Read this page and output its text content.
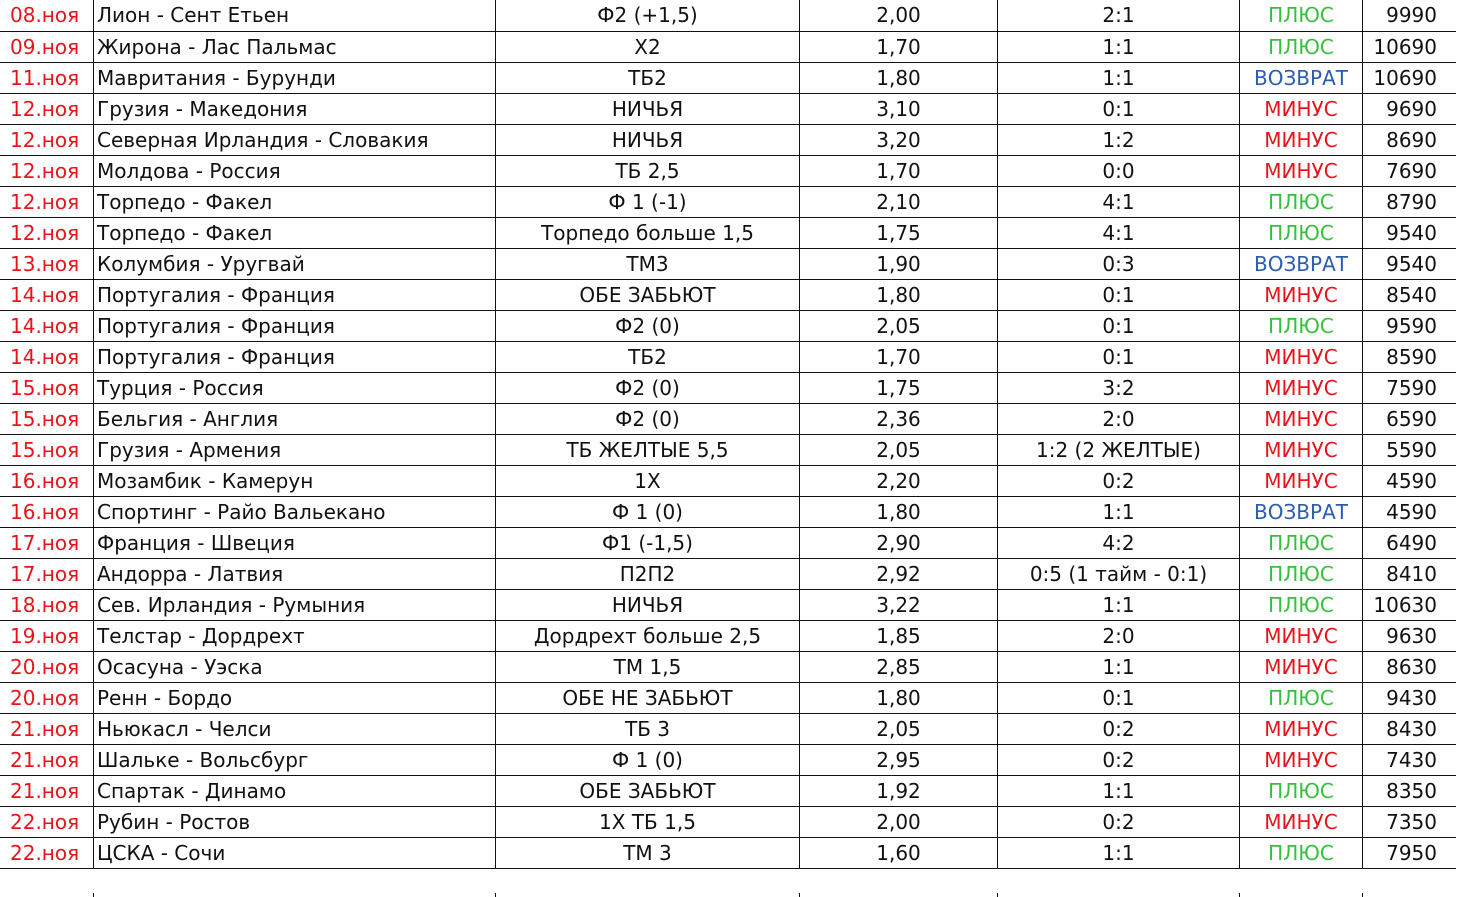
08.ноя Лион - Сент Етьен	Ф2 (+1,5)	2,00	2:1	ПЛЮС	9990
09.ноя Жирона - Лас Пальмас	Х2	1,70	1:1	ПЛЮС	10690
11.ноя Мавритания - Бурунди	ТБ2	1,80	1:1	ВОЗВРАТ	10690
12.ноя Грузия - Македония	НИЧЬЯ	3,10	0:1	МИНУС	9690
12.ноя Северная Ирландия - Словакия	НИЧЬЯ	3,20	1:2	МИНУС	8690
12.ноя Молдова - Россия	ТБ 2,5	1,70	0:0	МИНУС	7690
12.ноя Торпедо - Факел	Ф 1 (-1)	2,10	4:1	ПЛЮС	8790
12.ноя Торпедо - Факел	Торпедо больше 1,5	1,75	4:1	ПЛЮС	9540
13.ноя Колумбия - Уругвай	ТМ3	1,90	0:3	ВОЗВРАТ	9540
14.ноя Португалия - Франция	ОБЕ ЗАБЬЮТ	1,80	0:1	МИНУС	8540
14.ноя Португалия - Франция	Ф2 (0)	2,05	0:1	ПЛЮС	9590
14.ноя Португалия - Франция	ТБ2	1,70	0:1	МИНУС	8590
15.ноя Турция - Россия	Ф2 (0)	1,75	3:2	МИНУС	7590
15.ноя Бельгия - Англия	Ф2 (0)	2,36	2:0	МИНУС	6590
15.ноя Грузия - Армения	ТБ ЖЕЛТЫЕ 5,5	2,05	1:2 (2 ЖЕЛТЫЕ)	МИНУС	5590
16.ноя Мозамбик - Камерун	1Х	2,20	0:2	МИНУС	4590
16.ноя Спортинг - Райо Вальекано	Ф 1 (0)	1,80	1:1	ВОЗВРАТ	4590
17.ноя Франция - Швеция	Ф1 (-1,5)	2,90	4:2	ПЛЮС	6490
17.ноя Андорра - Латвия	П2П2	2,92	0:5 (1 тайм - 0:1)	ПЛЮС	8410
18.ноя Сев. Ирландия - Румыния	НИЧЬЯ	3,22	1:1	ПЛЮС	10630
19.ноя Телстар - Дордрехт	Дордрехт больше 2,5	1,85	2:0	МИНУС	9630
20.ноя Осасуна - Уэска	ТМ 1,5	2,85	1:1	МИНУС	8630
20.ноя Ренн - Бордо	ОБЕ НЕ ЗАБЬЮТ	1,80	0:1	ПЛЮС	9430
21.ноя Ньюкасл - Челси	ТБ 3	2,05	0:2	МИНУС	8430
21.ноя Шальке - Вольсбург	Ф 1 (0)	2,95	0:2	МИНУС	7430
21.ноя Спартак - Динамо	ОБЕ ЗАБЬЮТ	1,92	1:1	ПЛЮС	8350
22.ноя Рубин - Ростов	1Х ТБ 1,5	2,00	0:2	МИНУС	7350
22.ноя ЦСКА - Сочи	ТМ 3	1,60	1:1	ПЛЮС	7950
